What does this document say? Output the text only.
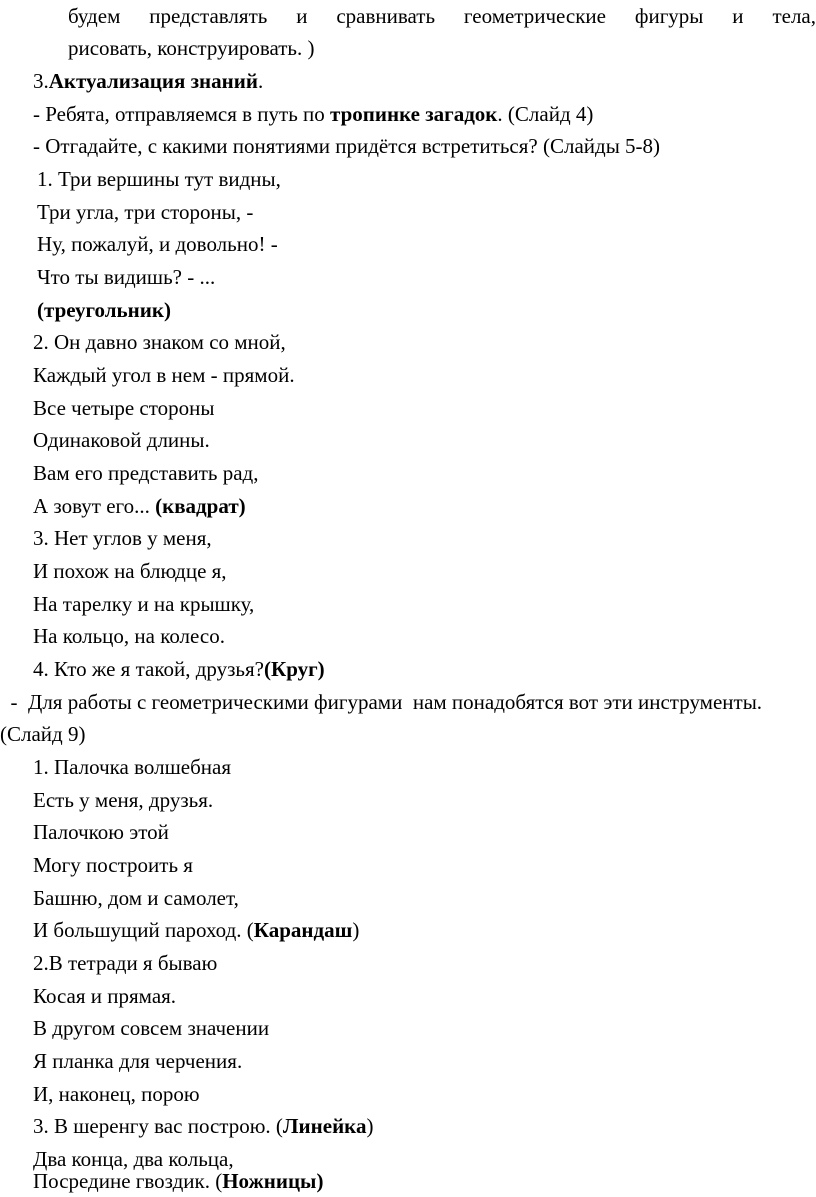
будем представлять и сравнивать геометрические фигуры и тела,
рисовать, конструировать. )
3.Актуализация знаний.
- Ребята, отправляемся в путь по тропинке загадок. (Слайд 4)
- Отгадайте, с какими понятиями придётся встретиться? (Слайды 5-8)
1. Три вершины тут видны,
Три угла, три стороны, -
Ну, пожалуй, и довольно! -
Что ты видишь? - ...
(треугольник)
2. Он давно знаком со мной,
Каждый угол в нем - прямой.
Все четыре стороны
Одинаковой длины.
Вам его представить рад,
А зовут его... (квадрат)
3. Нет углов у меня,
И похож на блюдце я,
На тарелку и на крышку,
На кольцо, на колесо.
4. Кто же я такой, друзья?(Круг)
-  Для работы с геометрическими фигурами  нам понадобятся вот эти инструменты.
(Слайд 9)
1. Палочка волшебная
Есть у меня, друзья.
Палочкою этой
Могу построить я
Башню, дом и самолет,
И большущий пароход. (Карандаш)
2.В тетради я бываю
Косая и прямая.
В другом совсем значении
Я планка для черчения.
И, наконец, порою
3. В шеренгу вас построю. (Линейка)
Два конца, два кольца,
Посредине гвоздик. (Ножницы)
